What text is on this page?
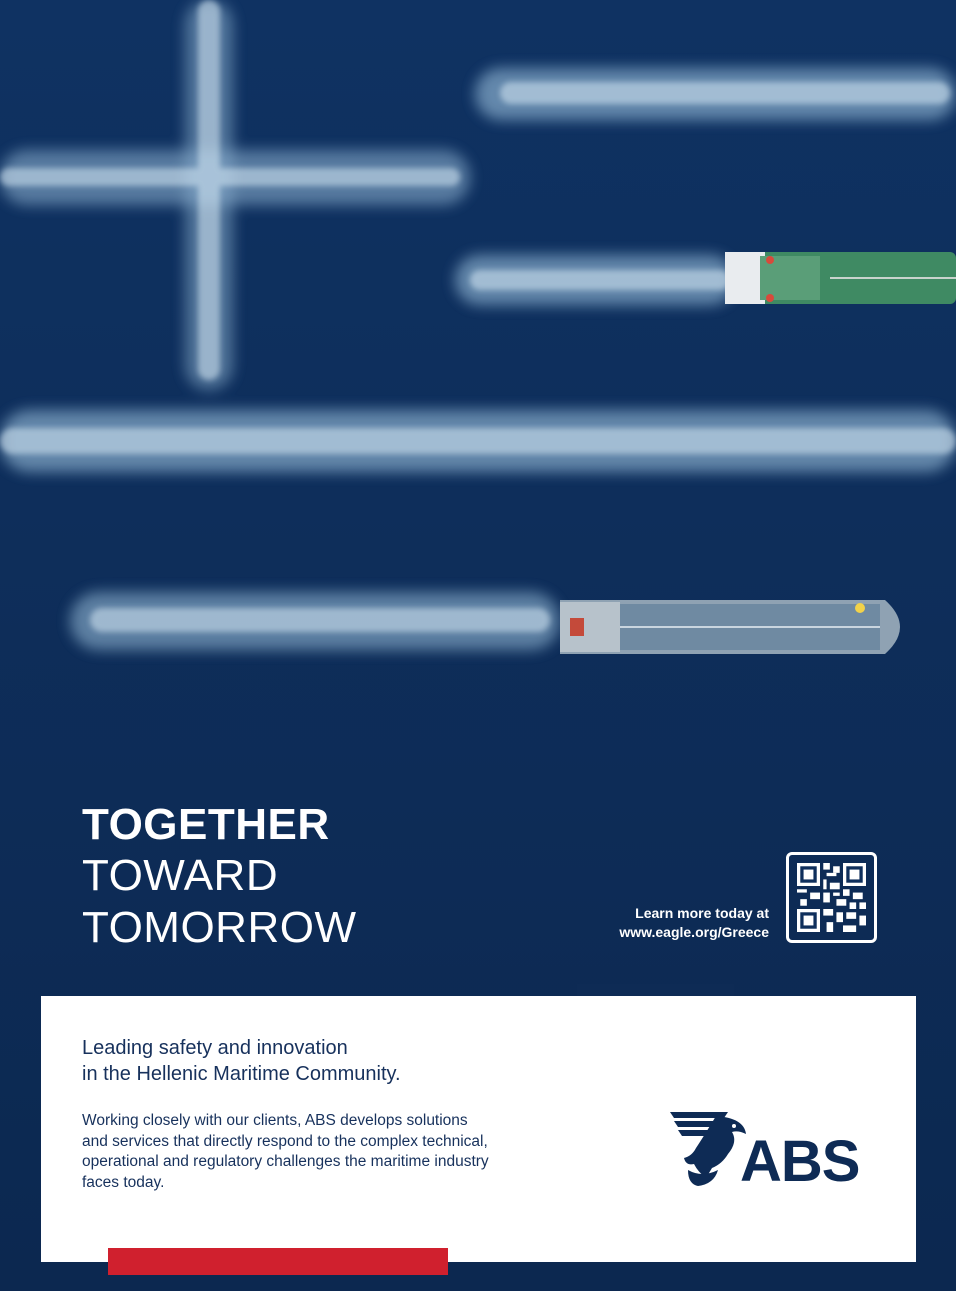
TOGETHER
TOWARD
TOMORROW	Learn more today at
www.eagle.org/Greece
Leading safety and innovation
in the Hellenic Maritime Community.
Working closely with our clients, ABS develops solutions
and services that directly respond to the complex technical,
operational and regulatory challenges the maritime industry
faces today.	ABS
